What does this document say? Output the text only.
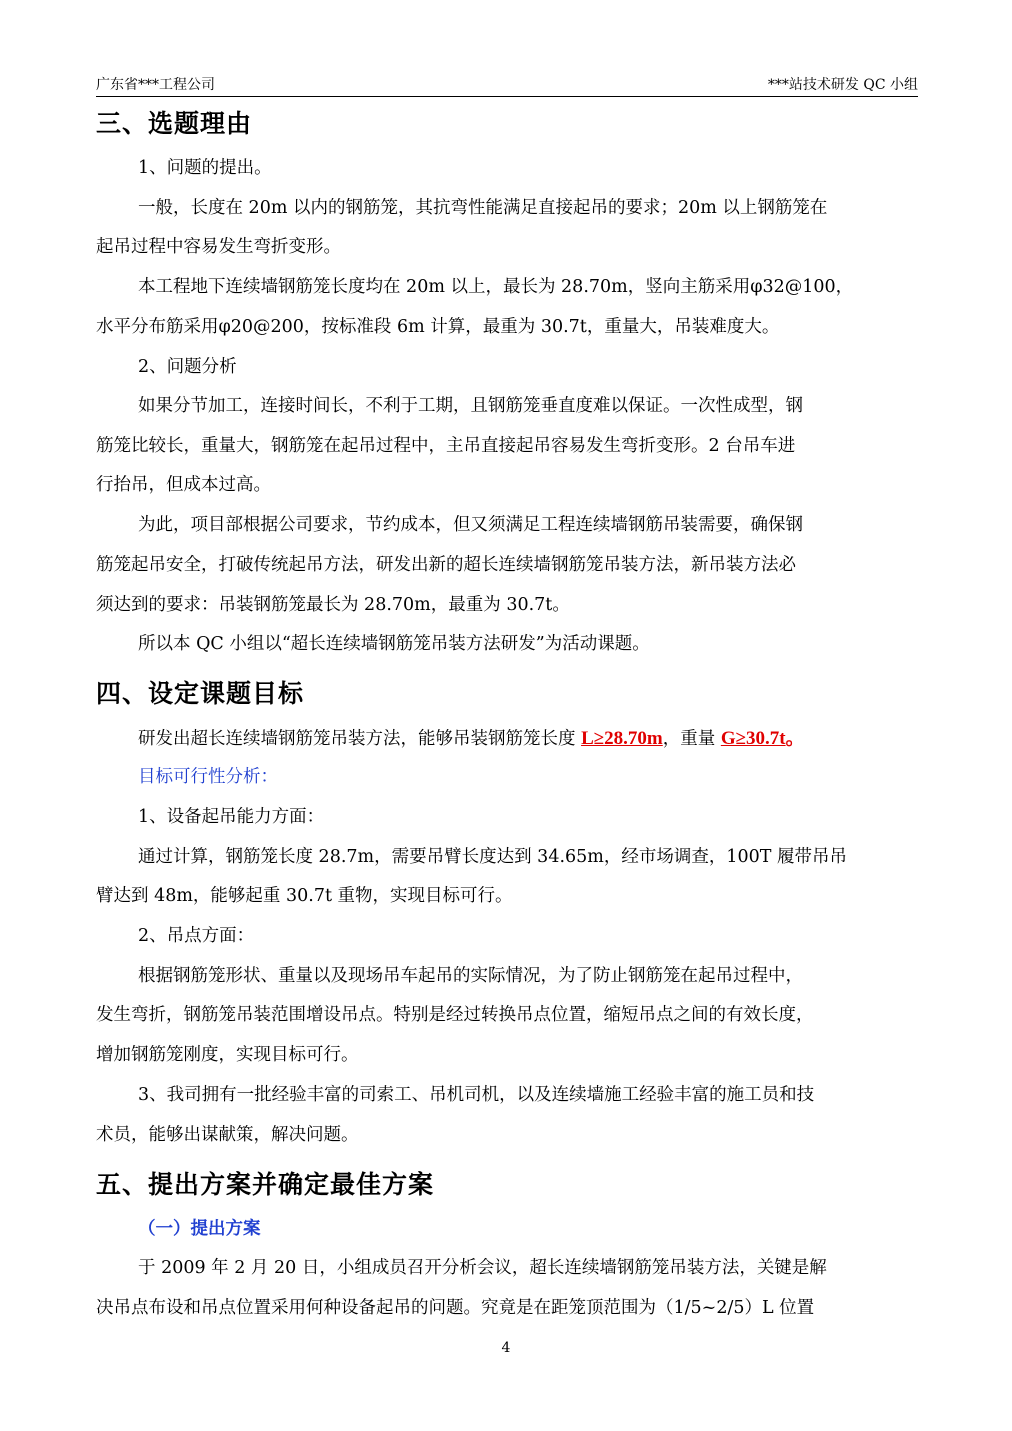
广东省***工程公司	***站技术研发 QC 小组
三、选题理由
1、问题的提出。
一般，长度在 20m 以内的钢筋笼，其抗弯性能满足直接起吊的要求；20m 以上钢筋笼在
起吊过程中容易发生弯折变形。
本工程地下连续墙钢筋笼长度均在 20m 以上，最长为 28.70m，竖向主筋采用φ32@100，
水平分布筋采用φ20@200，按标准段 6m 计算，最重为 30.7t，重量大，吊装难度大。
2、问题分析
如果分节加工，连接时间长，不利于工期，且钢筋笼垂直度难以保证。一次性成型，钢
筋笼比较长，重量大，钢筋笼在起吊过程中，主吊直接起吊容易发生弯折变形。2 台吊车进
行抬吊，但成本过高。
为此，项目部根据公司要求，节约成本，但又须满足工程连续墙钢筋吊装需要，确保钢
筋笼起吊安全，打破传统起吊方法，研发出新的超长连续墙钢筋笼吊装方法，新吊装方法必
须达到的要求：吊装钢筋笼最长为 28.70m，最重为 30.7t。
所以本 QC 小组以“超长连续墙钢筋笼吊装方法研发”为活动课题。
四、设定课题目标
研发出超长连续墙钢筋笼吊装方法，能够吊装钢筋笼长度 L≥28.70m，重量 G≥30.7t。
目标可行性分析：
1、设备起吊能力方面：
通过计算，钢筋笼长度 28.7m，需要吊臂长度达到 34.65m，经市场调查，100T 履带吊吊
臂达到 48m，能够起重 30.7t 重物，实现目标可行。
2、吊点方面：
根据钢筋笼形状、重量以及现场吊车起吊的实际情况，为了防止钢筋笼在起吊过程中，
发生弯折，钢筋笼吊装范围增设吊点。特别是经过转换吊点位置，缩短吊点之间的有效长度，
增加钢筋笼刚度，实现目标可行。
3、我司拥有一批经验丰富的司索工、吊机司机，以及连续墙施工经验丰富的施工员和技
术员，能够出谋献策，解决问题。
五、提出方案并确定最佳方案
（一）提出方案
于 2009 年 2 月 20 日，小组成员召开分析会议，超长连续墙钢筋笼吊装方法，关键是解
决吊点布设和吊点位置采用何种设备起吊的问题。究竟是在距笼顶范围为（1/5~2/5）L 位置
4
